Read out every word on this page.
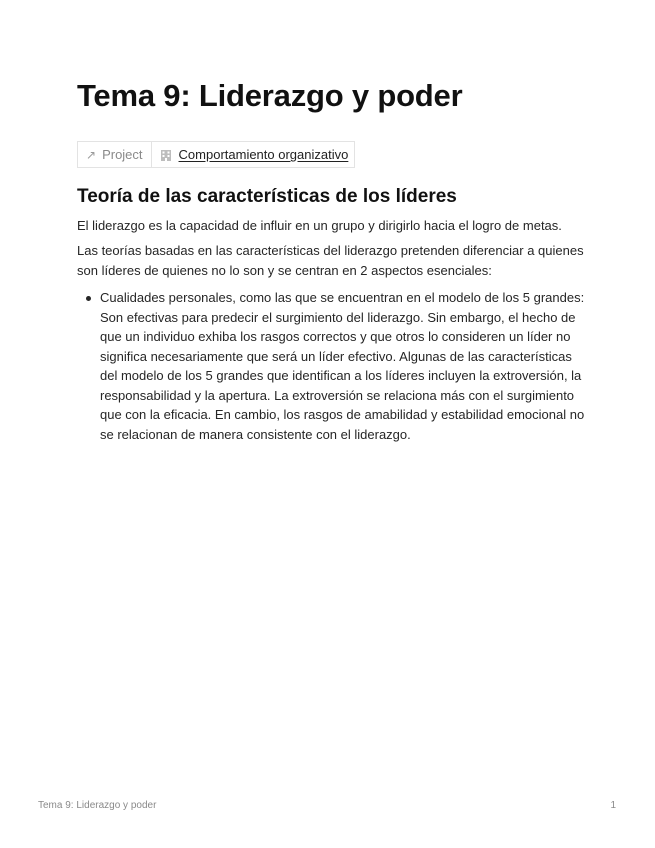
Tema 9: Liderazgo y poder
↗ Project	Comportamiento organizativo
Teoría de las características de los líderes

El liderazgo es la capacidad de influir en un grupo y dirigirlo hacia el logro de metas.

Las teorías basadas en las características del liderazgo pretenden diferenciar a quienes son líderes de quienes no lo son y se centran en 2 aspectos esenciales:

Cualidades personales, como las que se encuentran en el modelo de los 5 grandes: Son efectivas para predecir el surgimiento del liderazgo. Sin embargo, el hecho de que un individuo exhiba los rasgos correctos y que otros lo consideren un líder no significa necesariamente que será un líder efectivo. Algunas de las características del modelo de los 5 grandes que identifican a los líderes incluyen la extroversión, la responsabilidad y la apertura. La extroversión se relaciona más con el surgimiento que con la eficacia. En cambio, los rasgos de amabilidad y estabilidad emocional no se relacionan de manera consistente con el liderazgo.
Tema 9: Liderazgo y poder	1
